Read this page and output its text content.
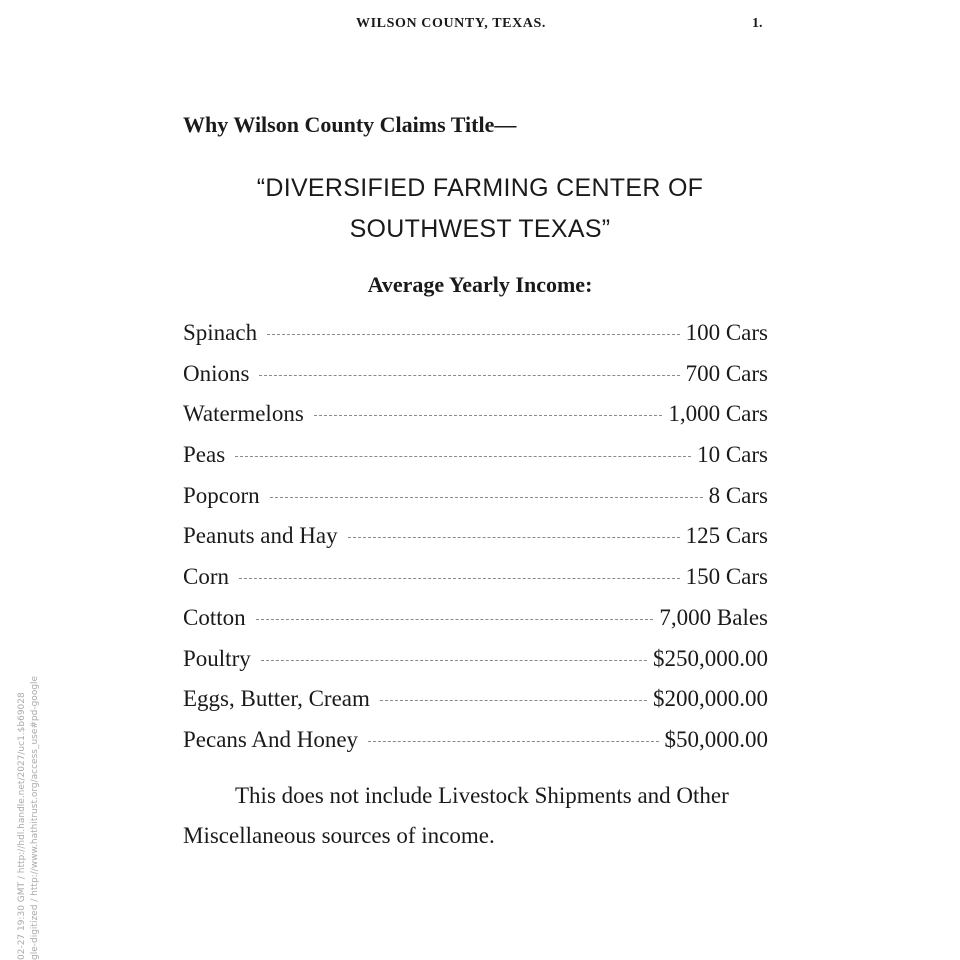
WILSON COUNTY, TEXAS.	1.
Why Wilson County Claims Title—
“DIVERSIFIED FARMING CENTER OF
SOUTHWEST TEXAS”
Average Yearly Income:
Spinach	100 Cars
Onions	700 Cars
Watermelons	1,000 Cars
Peas	10 Cars
Popcorn	8 Cars
Peanuts and Hay	125 Cars
Corn	150 Cars
Cotton	7,000 Bales
Poultry	$250,000.00
Eggs, Butter, Cream	$200,000.00
Pecans And Honey	$50,000.00
This does not include Livestock Shipments and Other Miscellaneous sources of income.
02-27 19:30 GMT / http://hdl.handle.net/2027/uc1.$b69028 gle-digitized / http://www.hathitrust.org/access_use#pd-google
